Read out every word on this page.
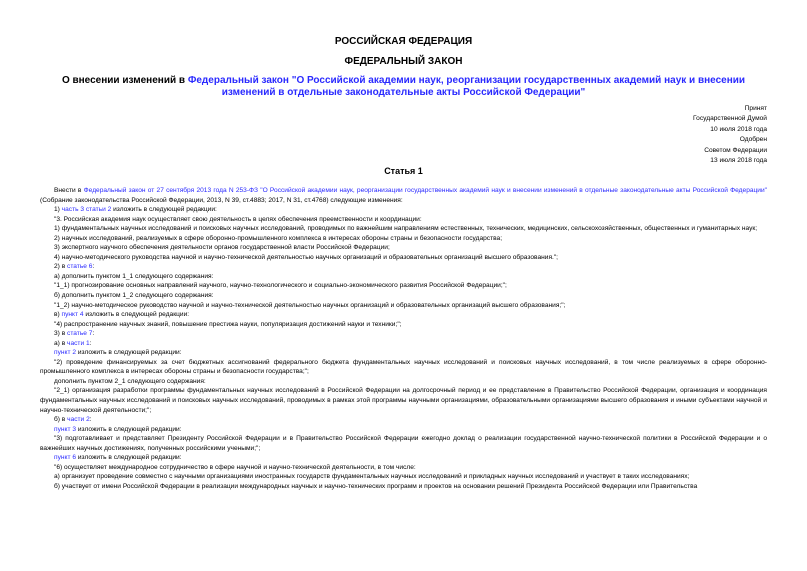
РОССИЙСКАЯ ФЕДЕРАЦИЯ
ФЕДЕРАЛЬНЫЙ ЗАКОН
О внесении изменений в Федеральный закон "О Российской академии наук, реорганизации государственных академий наук и внесении изменений в отдельные законодательные акты Российской Федерации"
Принят
Государственной Думой
10 июля 2018 года
Одобрен
Советом Федерации
13 июля 2018 года
Статья 1

Внести в Федеральный закон от 27 сентября 2013 года N 253-ФЗ "О Российской академии наук, реорганизации государственных академий наук и внесении изменений в отдельные законодательные акты Российской Федерации" (Собрание законодательства Российской Федерации, 2013, N 39, ст.4883; 2017, N 31, ст.4768) следующие изменения:

1) часть 3 статьи 2 изложить в следующей редакции:

"3. Российская академия наук осуществляет свою деятельность в целях обеспечения преемственности и координации:

1) фундаментальных научных исследований и поисковых научных исследований, проводимых по важнейшим направлениям естественных, технических, медицинских, сельскохозяйственных, общественных и гуманитарных наук;

2) научных исследований, реализуемых в сфере оборонно-промышленного комплекса в интересах обороны страны и безопасности государства;

3) экспертного научного обеспечения деятельности органов государственной власти Российской Федерации;

4) научно-методического руководства научной и научно-технической деятельностью научных организаций и образовательных организаций высшего образования.";

2) в статье 6:

а) дополнить пунктом 1_1 следующего содержания:

"1_1) прогнозирование основных направлений научного, научно-технологического и социально-экономического развития Российской Федерации;";

б) дополнить пунктом 1_2 следующего содержания:

"1_2) научно-методическое руководство научной и научно-технической деятельностью научных организаций и образовательных организаций высшего образования;";

в) пункт 4 изложить в следующей редакции:

"4) распространение научных знаний, повышение престижа науки, популяризация достижений науки и техники;";

3) в статье 7:

а) в части 1:

пункт 2 изложить в следующей редакции:

"2) проведение финансируемых за счет бюджетных ассигнований федерального бюджета фундаментальных научных исследований и поисковых научных исследований, в том числе реализуемых в сфере оборонно-промышленного комплекса в интересах обороны страны и безопасности государства;";

дополнить пунктом 2_1 следующего содержания:

"2_1) организация разработки программы фундаментальных научных исследований в Российской Федерации на долгосрочный период и ее представление в Правительство Российской Федерации, организация и координация фундаментальных научных исследований и поисковых научных исследований, проводимых в рамках этой программы научными организациями, образовательными организациями высшего образования и иными субъектами научной и научно-технической деятельности;";

б) в части 2:

пункт 3 изложить в следующей редакции:

"3) подготавливает и представляет Президенту Российской Федерации и в Правительство Российской Федерации ежегодно доклад о реализации государственной научно-технической политики в Российской Федерации и о важнейших научных достижениях, полученных российскими учеными;";

пункт 6 изложить в следующей редакции:

"6) осуществляет международное сотрудничество в сфере научной и научно-технической деятельности, в том числе:

а) организует проведение совместно с научными организациями иностранных государств фундаментальных научных исследований и прикладных научных исследований и участвует в таких исследованиях;

б) участвует от имени Российской Федерации в реализации международных научных и научно-технических программ и проектов на основании решений Президента Российской Федерации или Правительства
